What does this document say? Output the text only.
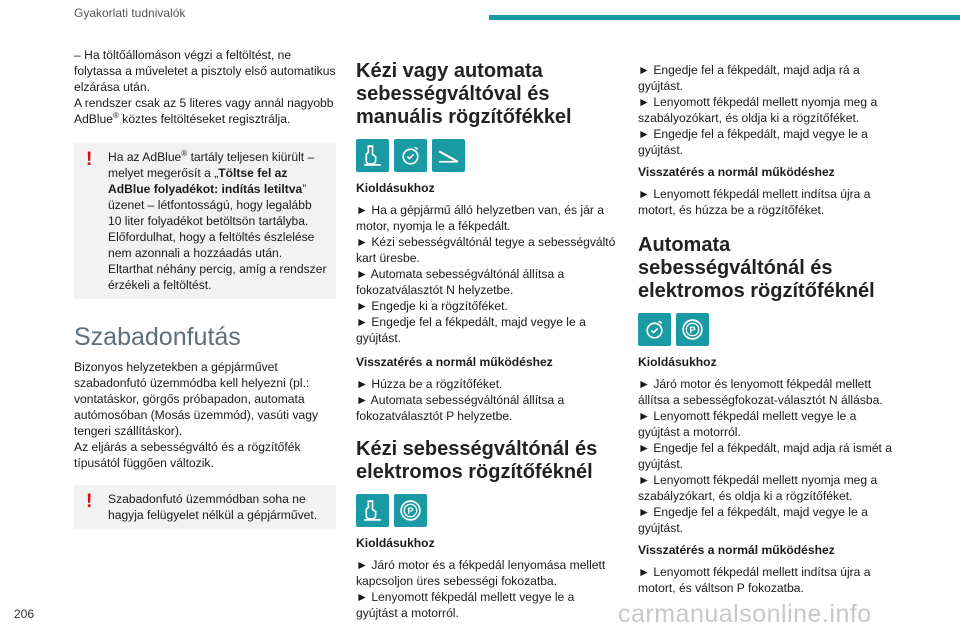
Gyakorlati tudnivalók

– Ha töltőállomáson végzi a feltöltést, ne folytassa a műveletet a pisztoly első automatikus elzárása után.

A rendszer csak az 5 literes vagy annál nagyobb AdBlue® köztes feltöltéseket regisztrálja.

! Ha az AdBlue® tartály teljesen kiürült – melyet megerősít a „Töltse fel az AdBlue folyadékot: indítás letiltva” üzenet – létfontosságú, hogy legalább 10 liter folyadékot betöltsön tartályba.

Előfordulhat, hogy a feltöltés észlelése nem azonnali a hozzáadás után. Eltarthat néhány percig, amíg a rendszer érzékeli a feltöltést.

Szabadonfutás

Bizonyos helyzetekben a gépjárművet szabadonfutó üzemmódba kell helyezni (pl.: vontatáskor, görgős próbapadon, automata autómosóban (Mosás üzemmód), vasúti vagy tengeri szállításkor).

Az eljárás a sebességváltó és a rögzítőfék típusától függően változik.

! Szabadonfutó üzemmódban soha ne hagyja felügyelet nélkül a gépjárművet.

Kézi vagy automata sebességváltóval és manuális rögzítőfékkel

Kioldásukhoz

► Ha a gépjármű álló helyzetben van, és jár a motor, nyomja le a fékpedált.

► Kézi sebességváltónál tegye a sebességváltó kart üresbe.

► Automata sebességváltónál állítsa a fokozatválasztót N helyzetbe.

► Engedje ki a rögzítőféket.

► Engedje fel a fékpedált, majd vegye le a gyújtást.

Visszatérés a normál működéshez

► Húzza be a rögzítőféket.

► Automata sebességváltónál állítsa a fokozatválasztót P helyzetbe.

Kézi sebességváltónál és elektromos rögzítőféknél
P

Kioldásukhoz

► Járó motor és a fékpedál lenyomása mellett kapcsoljon üres sebességi fokozatba.

► Lenyomott fékpedál mellett vegye le a gyújtást a motorról.

► Engedje fel a fékpedált, majd adja rá a gyújtást.

► Lenyomott fékpedál mellett nyomja meg a szabályozókart, és oldja ki a rögzítőféket.

► Engedje fel a fékpedált, majd vegye le a gyújtást.

Visszatérés a normál működéshez

► Lenyomott fékpedál mellett indítsa újra a motort, és húzza be a rögzítőféket.

Automata sebességváltónál és elektromos rögzítőféknél
P

Kioldásukhoz

► Járó motor és lenyomott fékpedál mellett állítsa a sebességfokozat-választót N állásba.

► Lenyomott fékpedál mellett vegye le a gyújtást a motorról.

► Engedje fel a fékpedált, majd adja rá ismét a gyújtást.

► Lenyomott fékpedál mellett nyomja meg a szabályzókart, és oldja ki a rögzítőféket.

► Engedje fel a fékpedált, majd vegye le a gyújtást.

Visszatérés a normál működéshez

► Lenyomott fékpedál mellett indítsa újra a motort, és váltson P fokozatba.

206	carmanualsonline.info
